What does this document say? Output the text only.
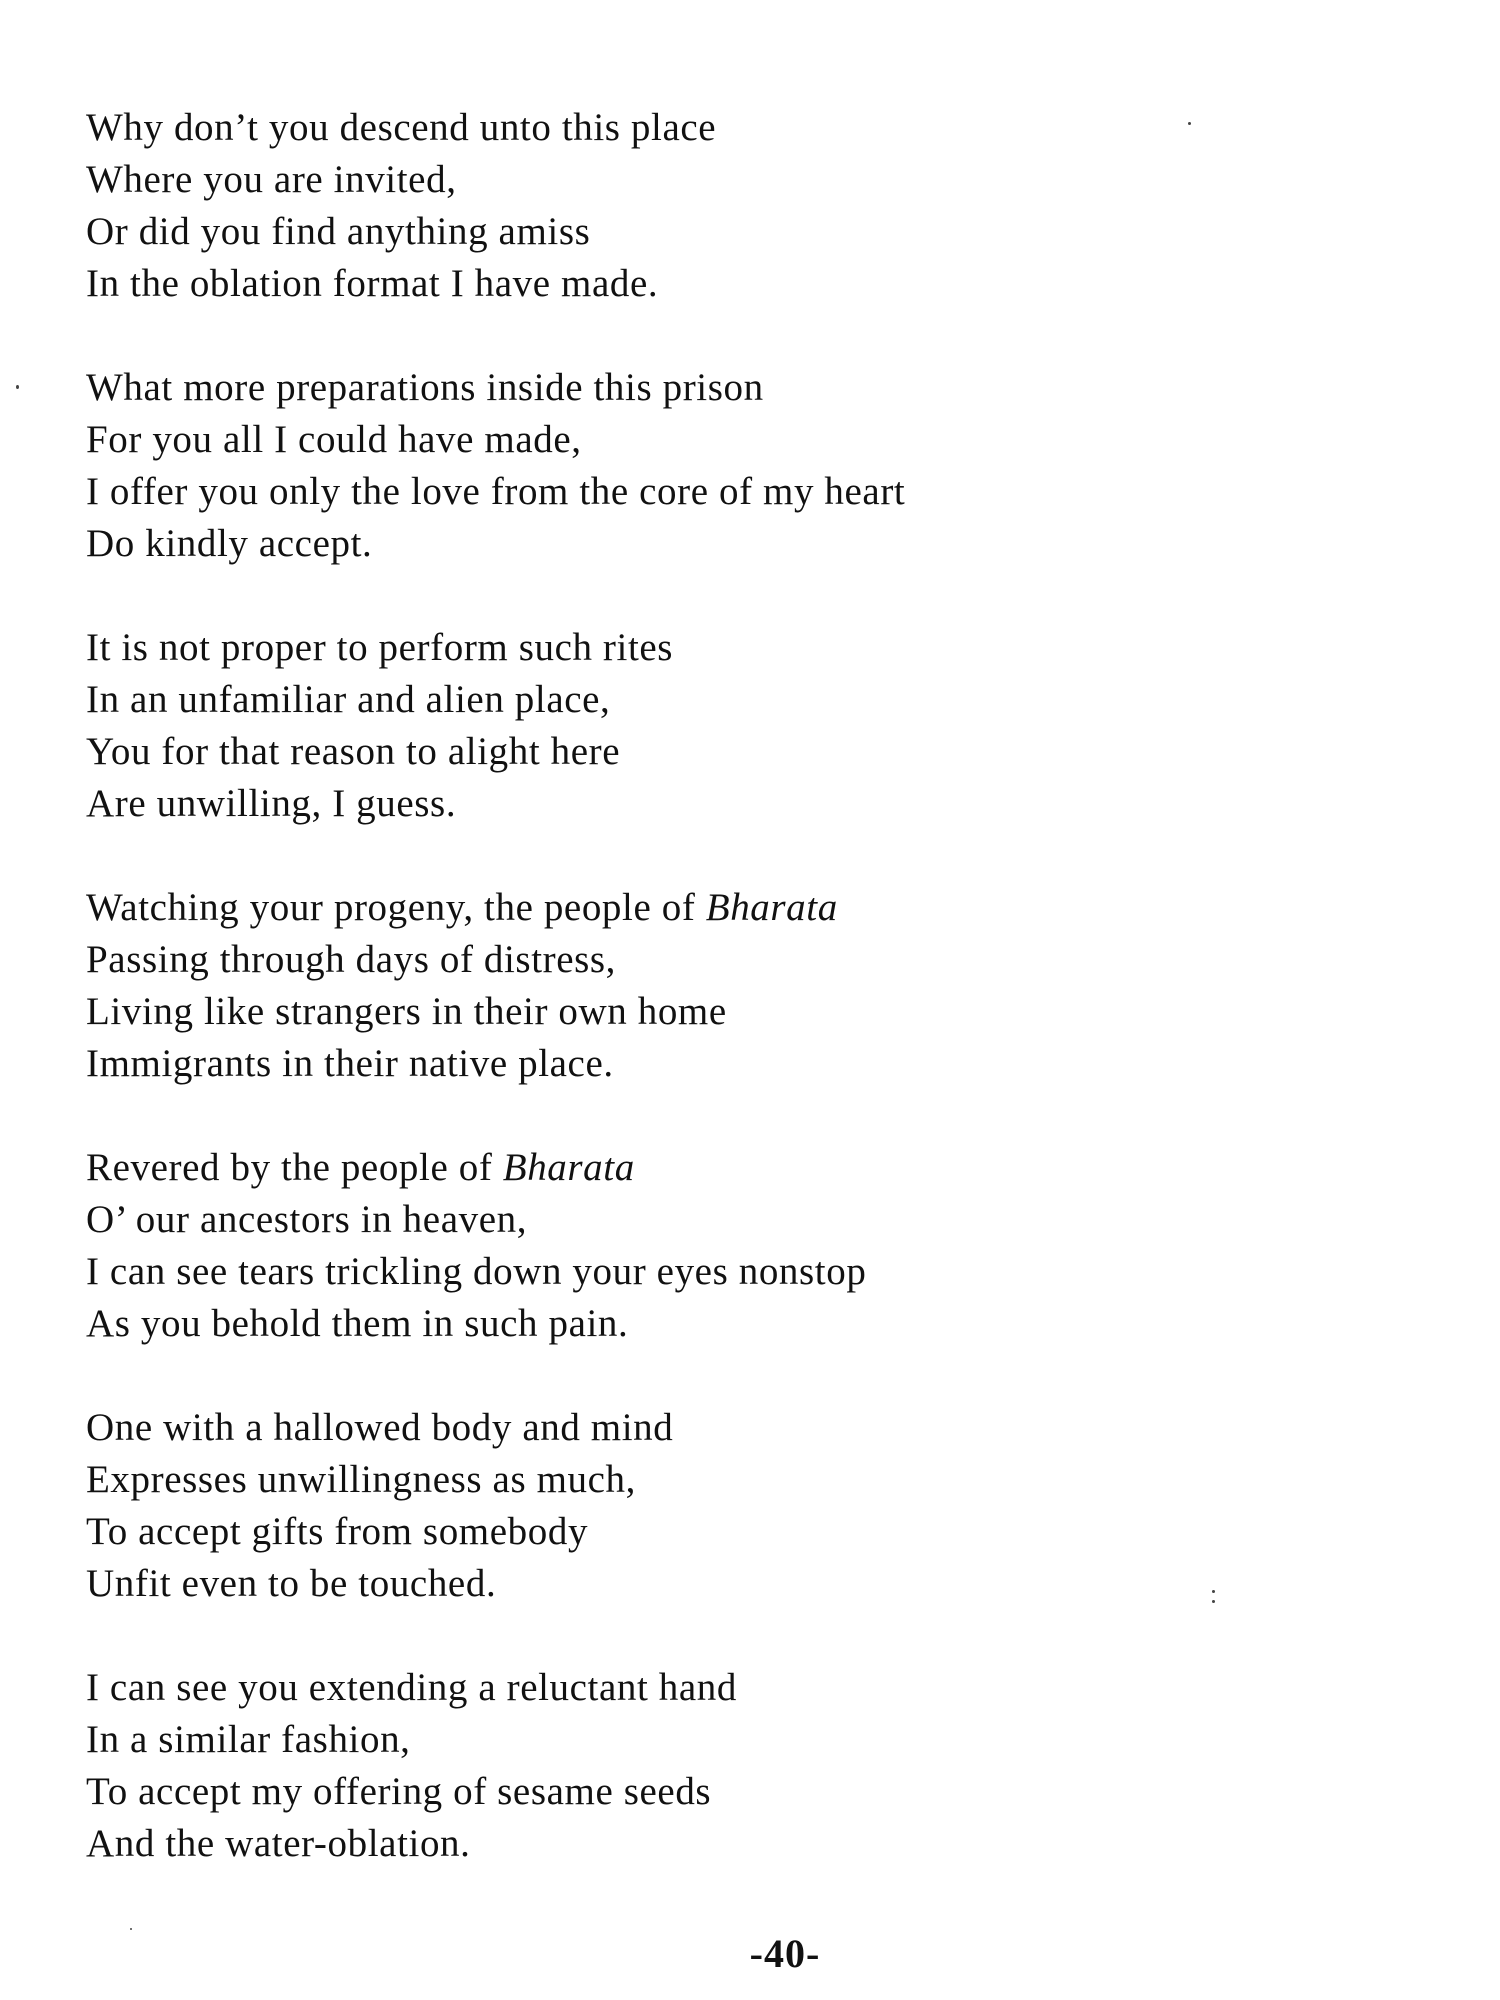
Why don’t you descend unto this place
Where you are invited,
Or did you find anything amiss
In the oblation format I have made.
What more preparations inside this prison
For you all I could have made,
I offer you only the love from the core of my heart
Do kindly accept.
It is not proper to perform such rites
In an unfamiliar and alien place,
You for that reason to alight here
Are unwilling, I guess.
Watching your progeny, the people of Bharata
Passing through days of distress,
Living like strangers in their own home
Immigrants in their native place.
Revered by the people of Bharata
O’ our ancestors in heaven,
I can see tears trickling down your eyes nonstop
As you behold them in such pain.
One with a hallowed body and mind
Expresses unwillingness as much,
To accept gifts from somebody
Unfit even to be touched.
I can see you extending a reluctant hand
In a similar fashion,
To accept my offering of sesame seeds
And the water-oblation.
-40-
